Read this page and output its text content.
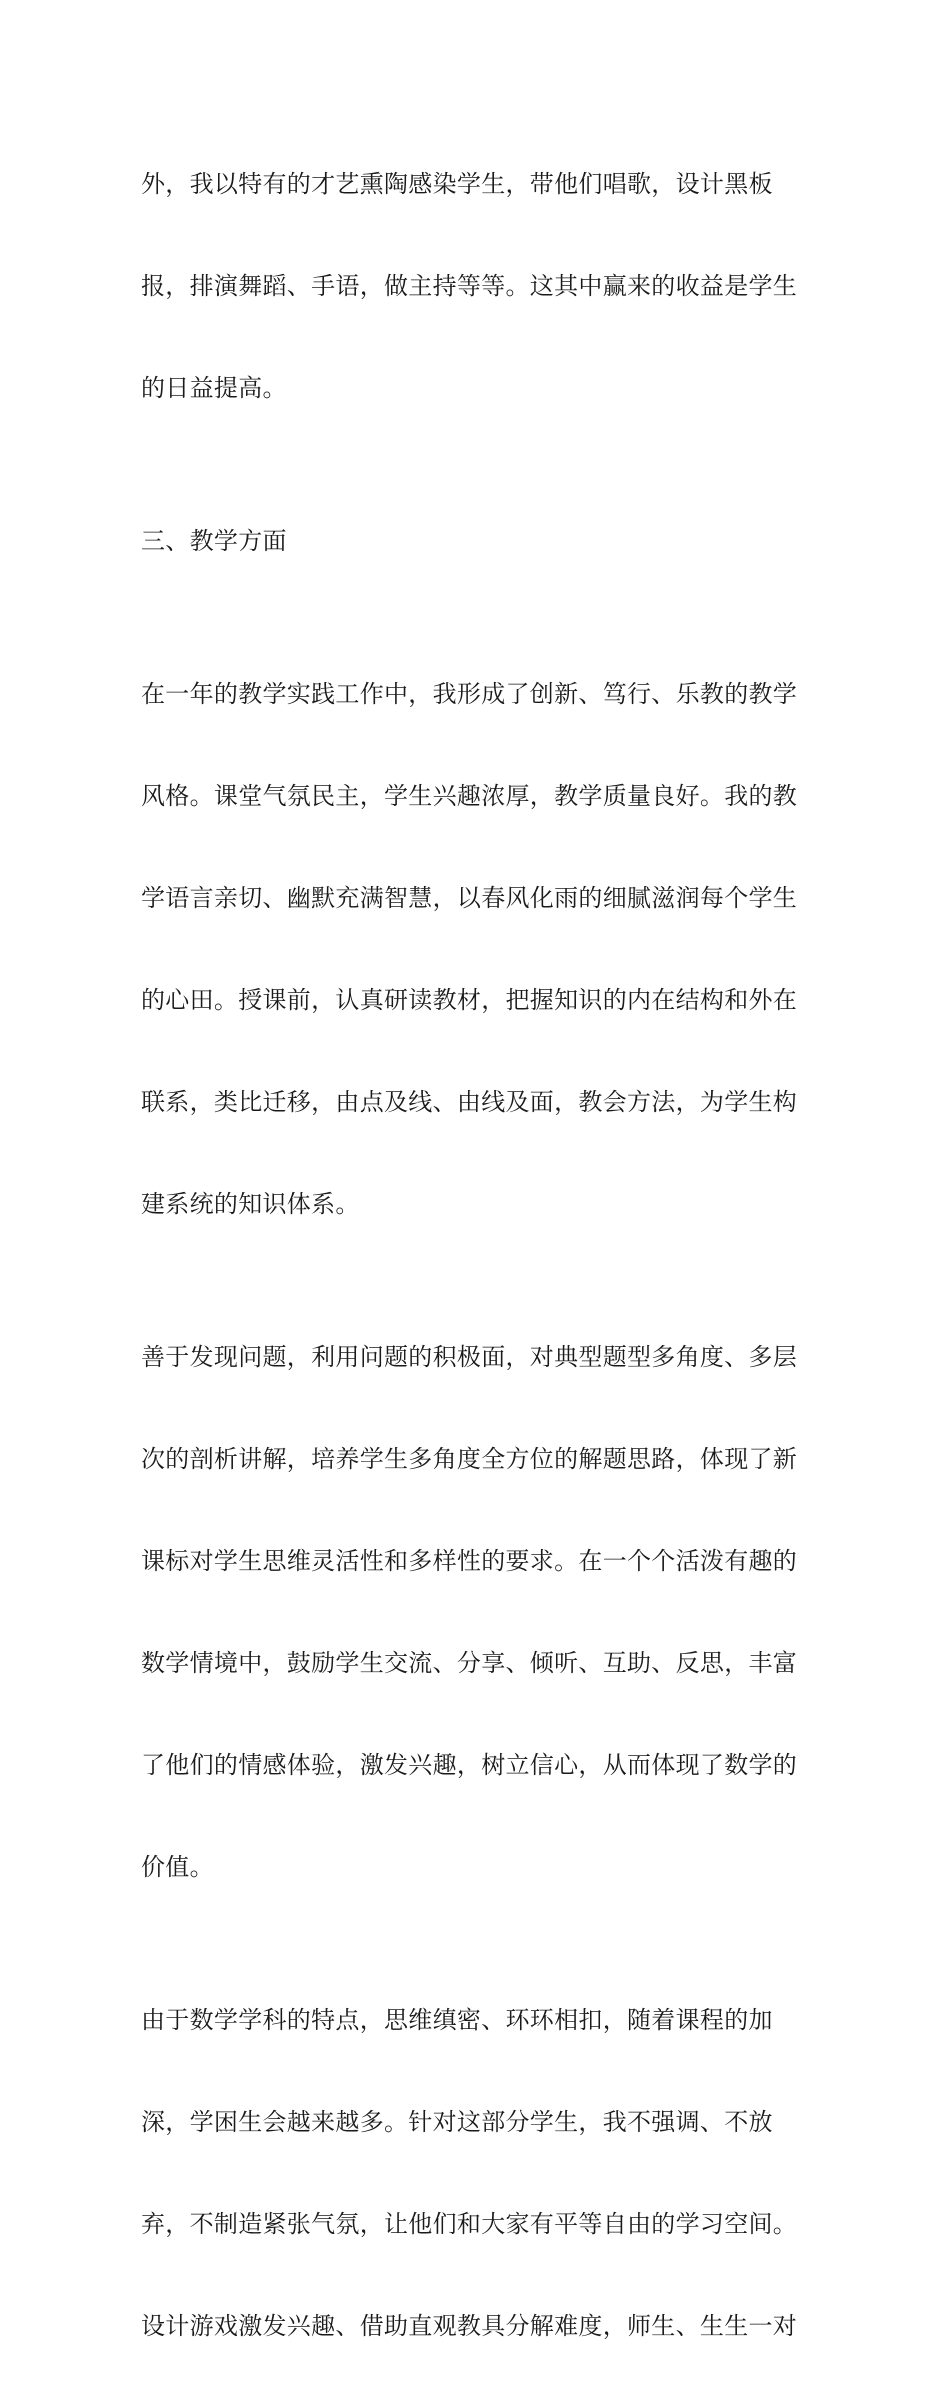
外，我以特有的才艺熏陶感染学生，带他们唱歌，设计黑板

报，排演舞蹈、手语，做主持等等。这其中赢来的收益是学生

的日益提高。

三、教学方面

在一年的教学实践工作中，我形成了创新、笃行、乐教的教学

风格。课堂气氛民主，学生兴趣浓厚，教学质量良好。我的教

学语言亲切、幽默充满智慧，以春风化雨的细腻滋润每个学生

的心田。授课前，认真研读教材，把握知识的内在结构和外在

联系，类比迁移，由点及线、由线及面，教会方法，为学生构

建系统的知识体系。

善于发现问题，利用问题的积极面，对典型题型多角度、多层

次的剖析讲解，培养学生多角度全方位的解题思路，体现了新

课标对学生思维灵活性和多样性的要求。在一个个活泼有趣的

数学情境中，鼓励学生交流、分享、倾听、互助、反思，丰富

了他们的情感体验，激发兴趣，树立信心，从而体现了数学的

价值。

由于数学学科的特点，思维缜密、环环相扣，随着课程的加

深，学困生会越来越多。针对这部分学生，我不强调、不放

弃，不制造紧张气氛，让他们和大家有平等自由的学习空间。

设计游戏激发兴趣、借助直观教具分解难度，师生、生生一对
